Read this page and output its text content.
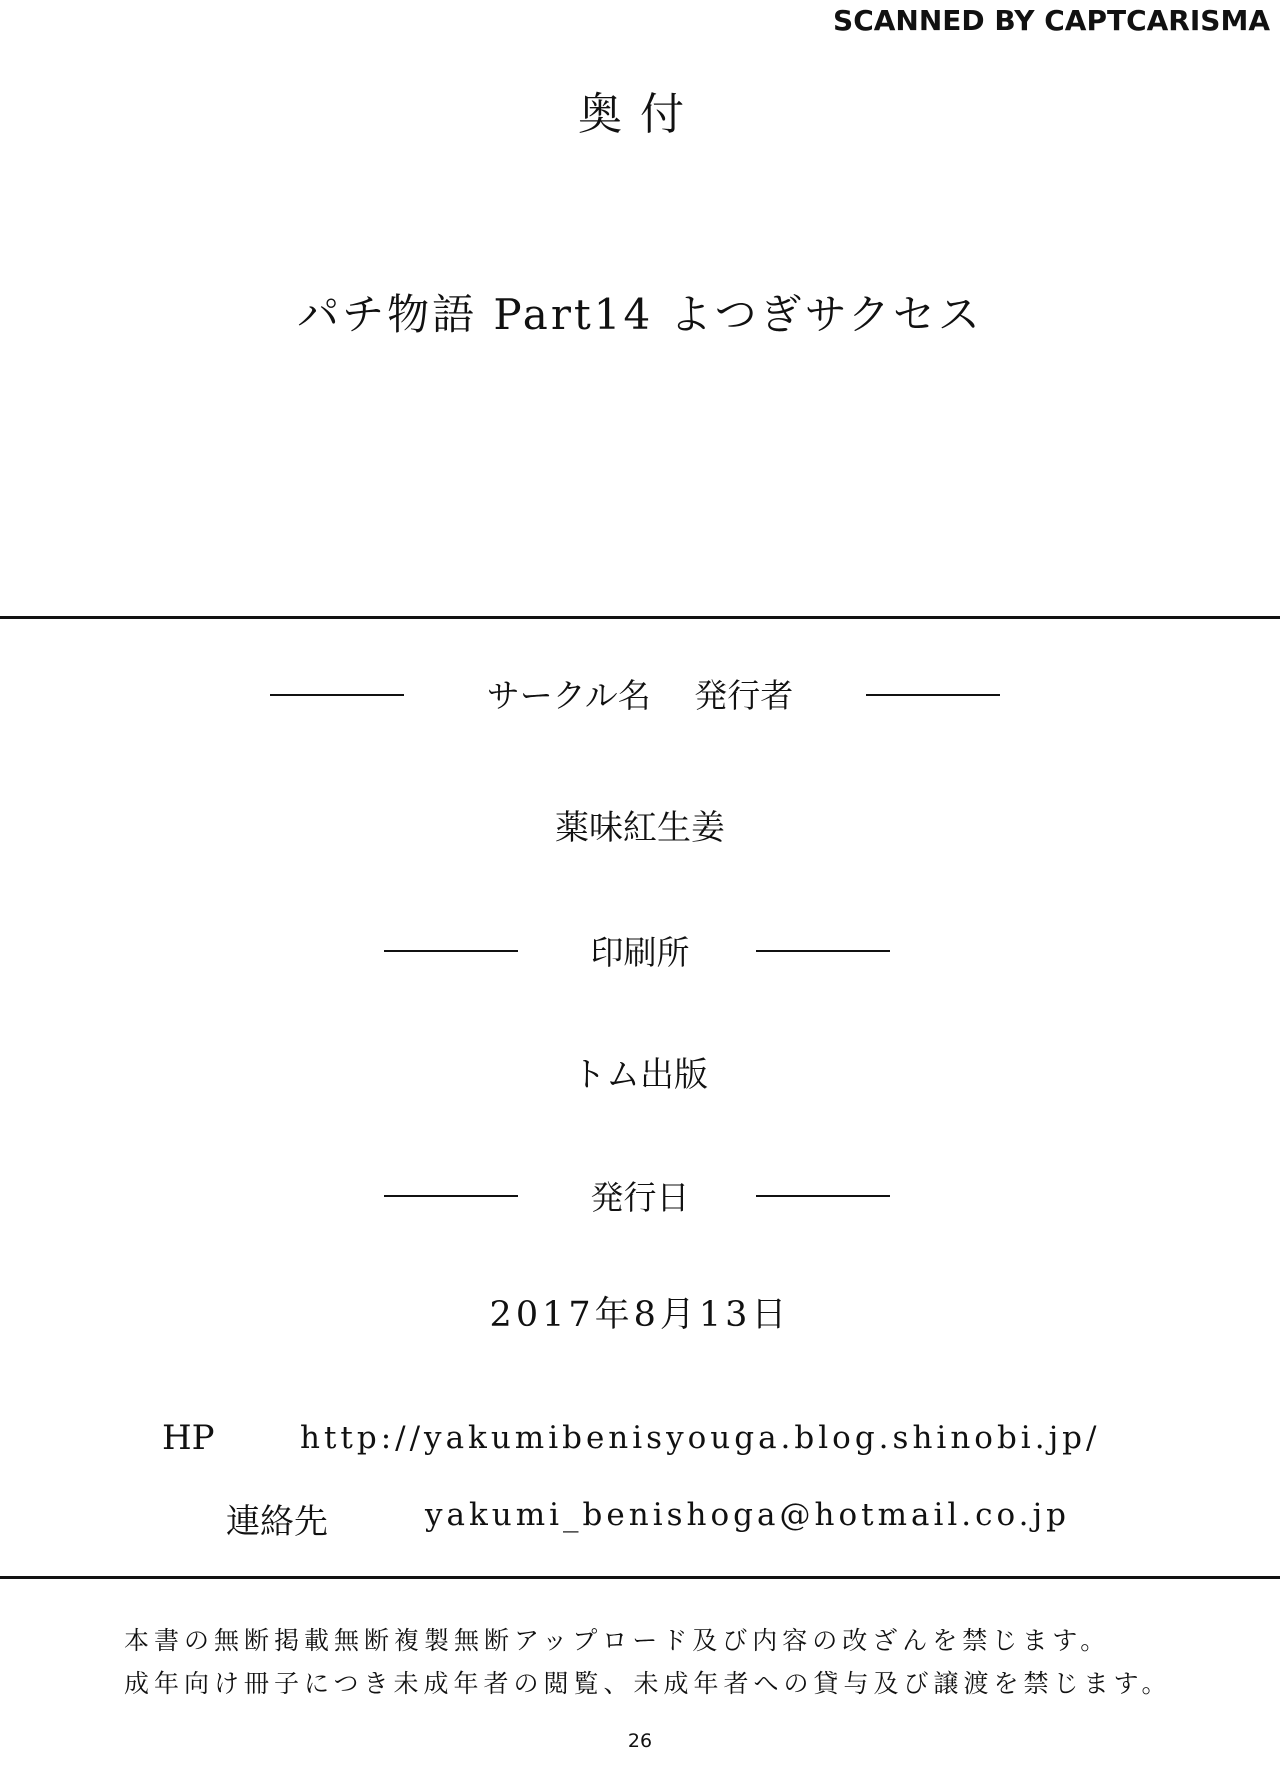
SCANNED BY CAPTCARISMA
奥付
パチ物語 Part14 よつぎサクセス
サークル名　 発行者
薬味紅生姜
印刷所
トム出版
発行日
2017年8月13日
HP	http://yakumibenisyouga.blog.shinobi.jp/
連絡先	yakumi_benishoga@hotmail.co.jp
本書の無断掲載無断複製無断アップロード及び内容の改ざんを禁じます。
成年向け冊子につき未成年者の閲覧、未成年者への貸与及び譲渡を禁じます。
26
